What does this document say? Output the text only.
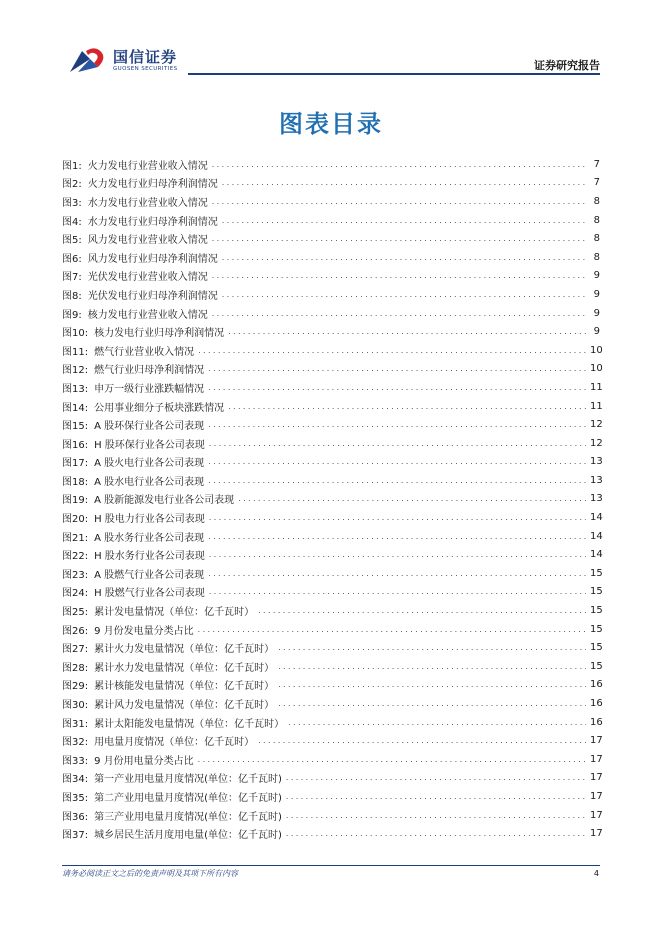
国信证券
GUOSEN SECURITIES	证券研究报告
图表目录
图1: 火力发电行业营业收入情况 .....	7
图2: 火力发电行业归母净利润情况 .....	7
图3: 水力发电行业营业收入情况 .....	8
图4: 水力发电行业归母净利润情况 .....	8
图5: 风力发电行业营业收入情况 .....	8
图6: 风力发电行业归母净利润情况 .....	8
图7: 光伏发电行业营业收入情况 .....	9
图8: 光伏发电行业归母净利润情况 .....	9
图9: 核力发电行业营业收入情况 .....	9
图10: 核力发电行业归母净利润情况 .....	9
图11: 燃气行业营业收入情况 .....	10
图12: 燃气行业归母净利润情况 .....	10
图13: 申万一级行业涨跌幅情况 .....	11
图14: 公用事业细分子板块涨跌情况 .....	11
图15: A 股环保行业各公司表现 .....	12
图16: H 股环保行业各公司表现 .....	12
图17: A 股火电行业各公司表现 .....	13
图18: A 股水电行业各公司表现 .....	13
图19: A 股新能源发电行业各公司表现 .....	13
图20: H 股电力行业各公司表现 .....	14
图21: A 股水务行业各公司表现 .....	14
图22: H 股水务行业各公司表现 .....	14
图23: A 股燃气行业各公司表现 .....	15
图24: H 股燃气行业各公司表现 .....	15
图25: 累计发电量情况（单位：亿千瓦时） .....	15
图26: 9 月份发电量分类占比 .....	15
图27: 累计火力发电量情况（单位：亿千瓦时） .....	15
图28: 累计水力发电量情况（单位：亿千瓦时） .....	15
图29: 累计核能发电量情况（单位：亿千瓦时） .....	16
图30: 累计风力发电量情况（单位：亿千瓦时） .....	16
图31: 累计太阳能发电量情况（单位：亿千瓦时） .....	16
图32: 用电量月度情况（单位：亿千瓦时） .....	17
图33: 9 月份用电量分类占比 .....	17
图34: 第一产业用电量月度情况(单位：亿千瓦时) .....	17
图35: 第二产业用电量月度情况(单位：亿千瓦时) .....	17
图36: 第三产业用电量月度情况(单位：亿千瓦时) .....	17
图37: 城乡居民生活月度用电量(单位：亿千瓦时) .....	17
请务必阅读正文之后的免责声明及其项下所有内容	4
